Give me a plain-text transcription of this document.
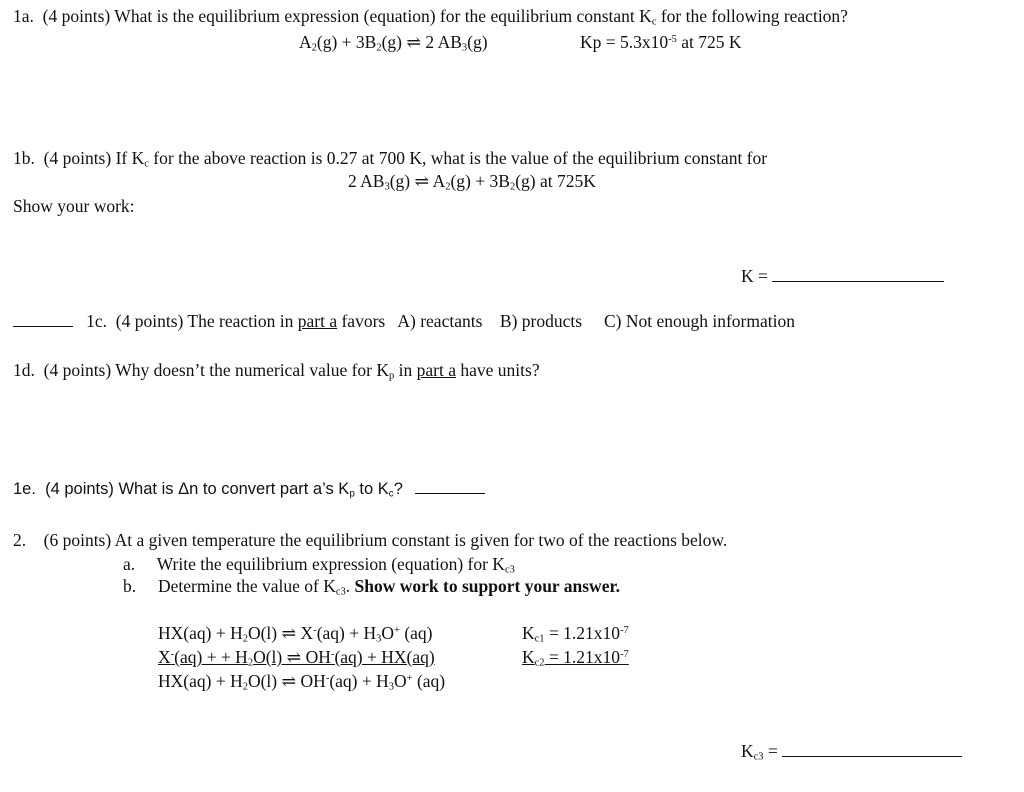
1a. (4 points) What is the equilibrium expression (equation) for the equilibrium constant $K_c$ for the following reaction?
$A_2(g) + 3B_2(g)$ ⇌ 2 $AB_3(g)$	$Kp = 5.3x10^{-5}$ at 725 K
1b. (4 points) If $K_c$ for the above reaction is 0.27 at 700 K, what is the value of the equilibrium constant for
2 $AB_3(g)$ ⇌ $A_2(g) + 3B_2(g)$ at 725K
Show your work:
K =
1c. (4 points) The reaction in part a favors A) reactants B) products C) Not enough information
1d. (4 points) Why doesn’t the numerical value for $K_p$ in part a have units?
1e. (4 points) What is Δn to convert part a’s $K_p$ to $K_c$?
2. (6 points) At a given temperature the equilibrium constant is given for two of the reactions below.
a. Write the equilibrium expression (equation) for $K_{c3}$
b. Determine the value of $K_{c3}$. Show work to support your answer.
$HX(aq) + H_2O(l)$ ⇌ $X^-(aq) + H_3O^+$ (aq)	$K_{c1} = 1.21x10^{-7}$
X-(aq) + + $H_2O(l)$ ⇌ OH-(aq) + HX(aq)	$K_{c2} = 1.21x10^{-7}$
$HX(aq) + H_2O(l)$ ⇌ $OH^-(aq) + H_3O^+$ (aq)
$K_{c3}$ =
